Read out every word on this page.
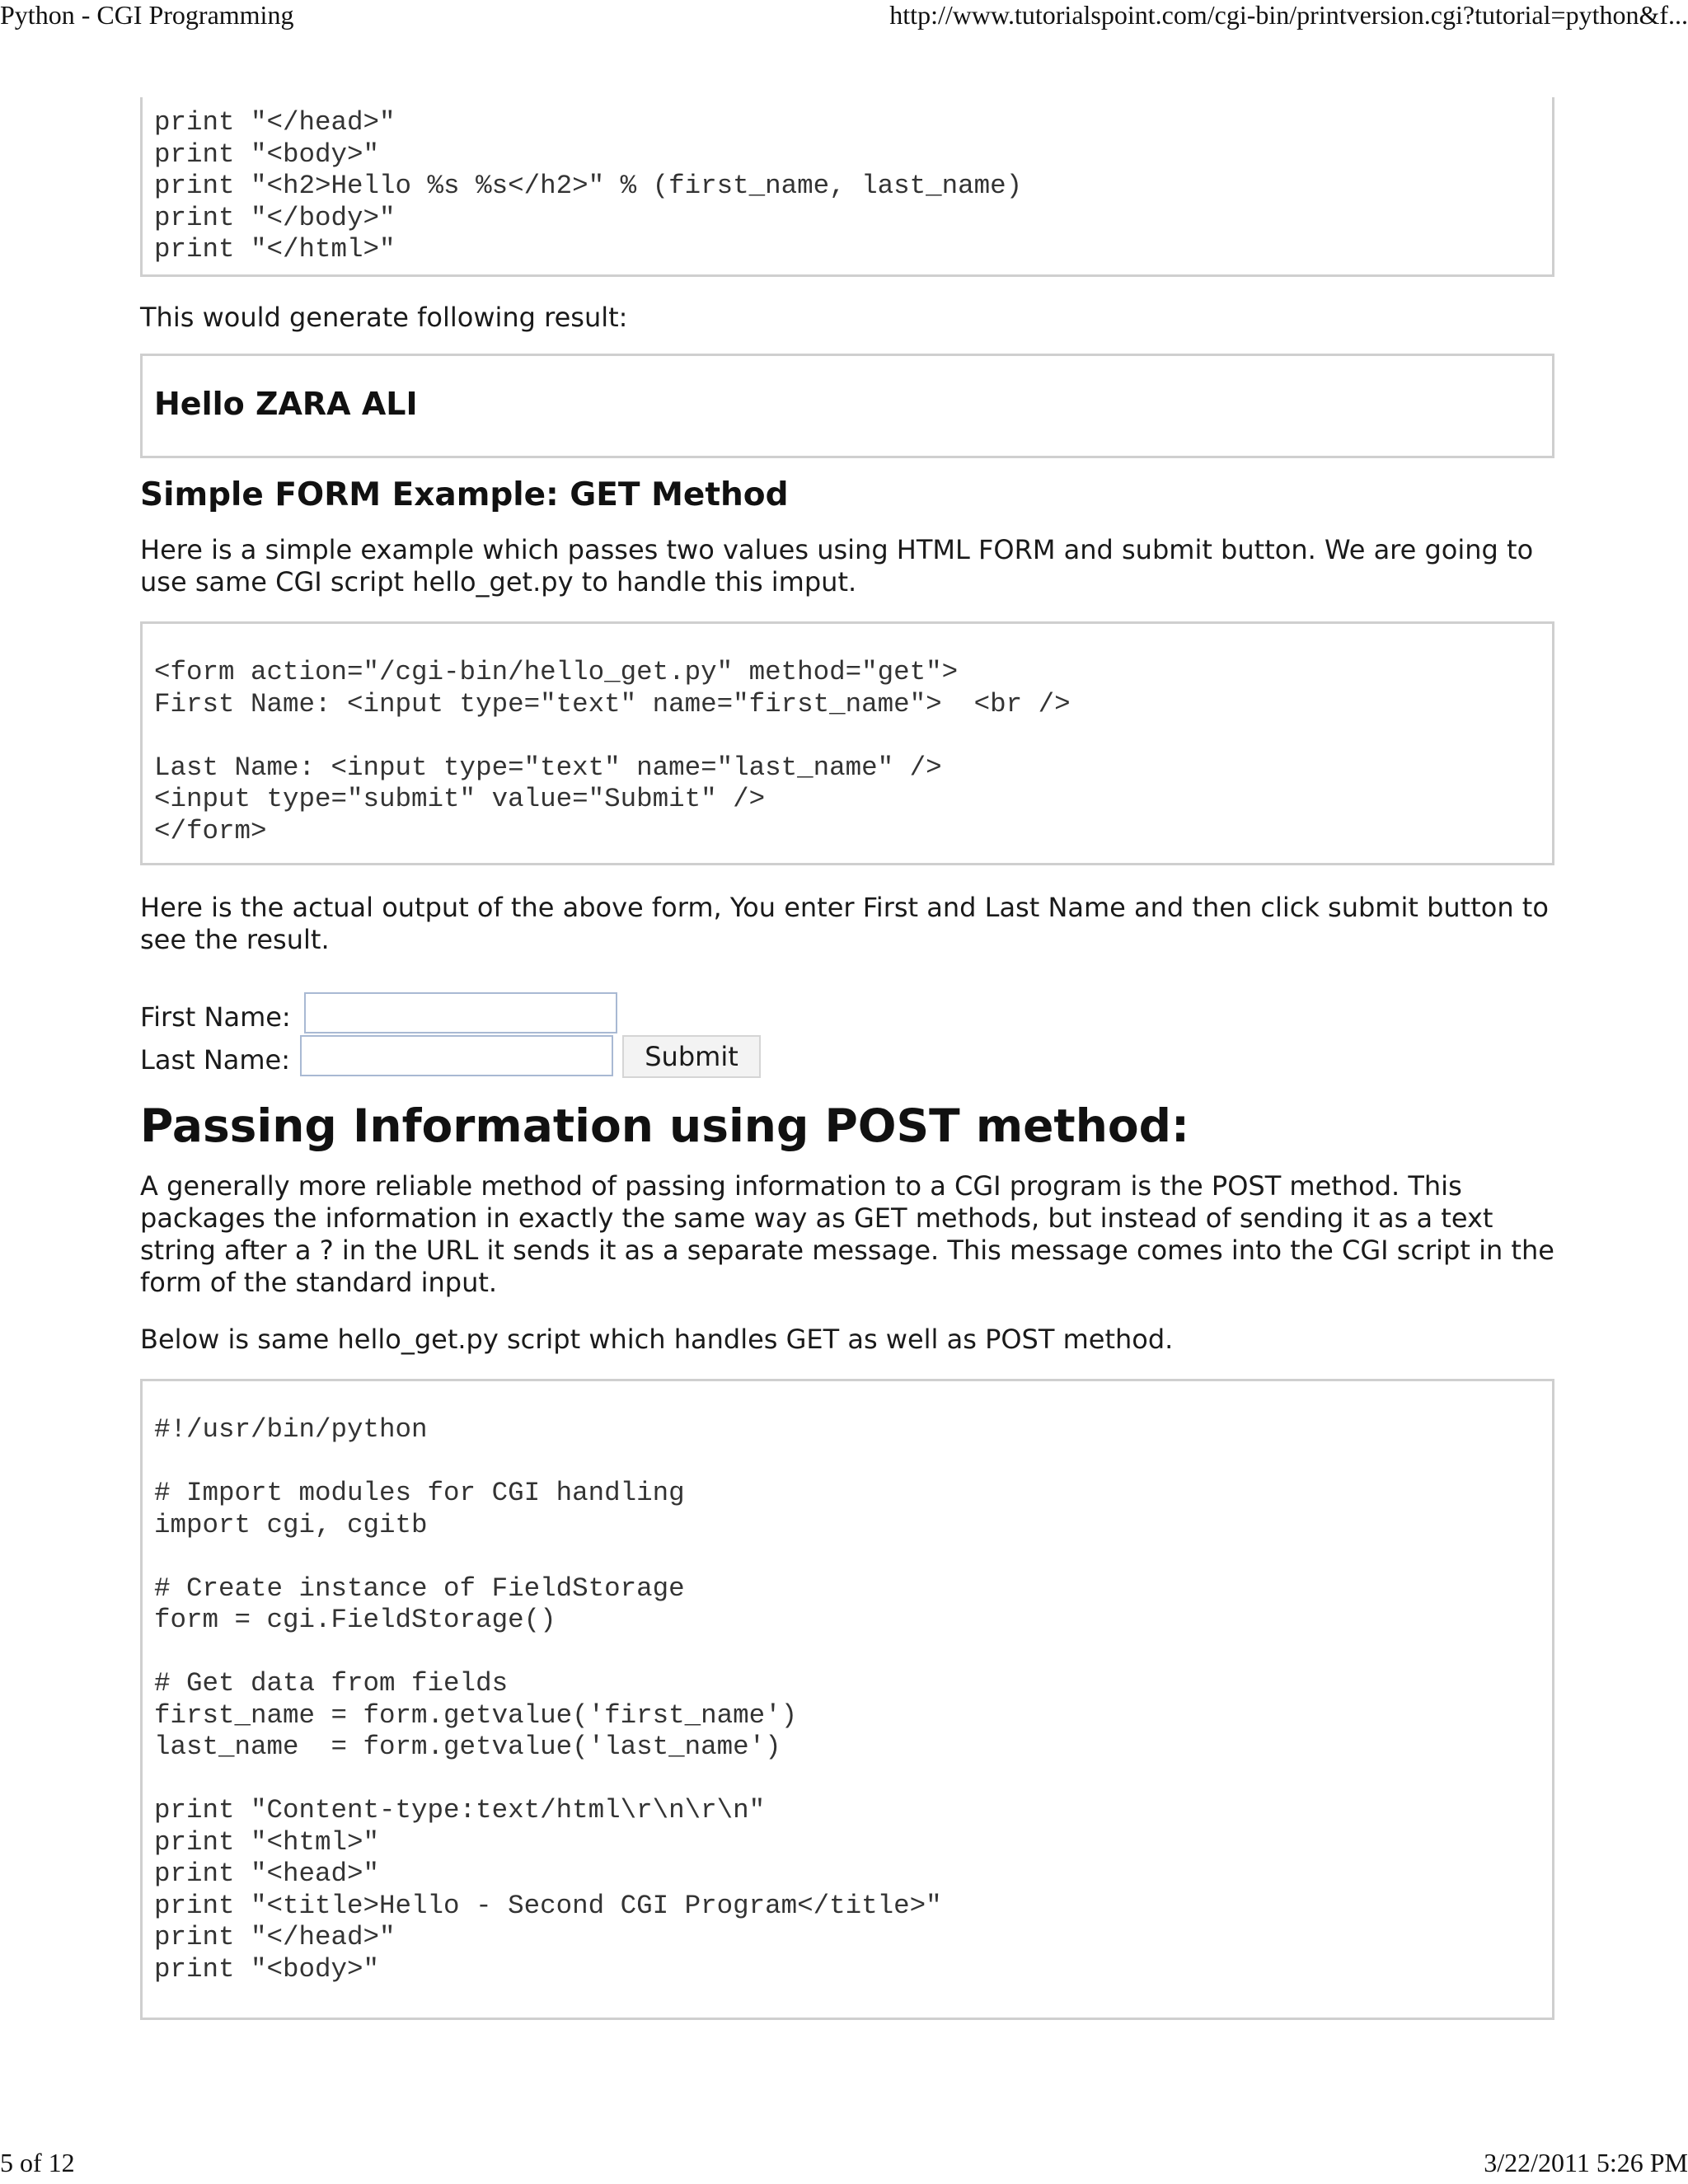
Python - CGI Programming	http://www.tutorialspoint.com/cgi-bin/printversion.cgi?tutorial=python&f...
print "</head>"
print "<body>"
print "<h2>Hello %s %s</h2>" % (first_name, last_name)
print "</body>"
print "</html>"

This would generate following result:

Hello ZARA ALI
Simple FORM Example: GET Method

Here is a simple example which passes two values using HTML FORM and submit button. We are going to use same CGI script hello_get.py to handle this imput.

<form action="/cgi-bin/hello_get.py" method="get">
First Name: <input type="text" name="first_name">  <br />

Last Name: <input type="text" name="last_name" />
<input type="submit" value="Submit" />
</form>

Here is the actual output of the above form, You enter First and Last Name and then click submit button to see the result.

First Name:
Last Name:	Submit
Passing Information using POST method:

A generally more reliable method of passing information to a CGI program is the POST method. This packages the information in exactly the same way as GET methods, but instead of sending it as a text string after a ? in the URL it sends it as a separate message. This message comes into the CGI script in the form of the standard input.

Below is same hello_get.py script which handles GET as well as POST method.

#!/usr/bin/python

# Import modules for CGI handling
import cgi, cgitb

# Create instance of FieldStorage
form = cgi.FieldStorage()

# Get data from fields
first_name = form.getvalue('first_name')
last_name  = form.getvalue('last_name')

print "Content-type:text/html\r\n\r\n"
print "<html>"
print "<head>"
print "<title>Hello - Second CGI Program</title>"
print "</head>"
print "<body>"
5 of 12	3/22/2011 5:26 PM
